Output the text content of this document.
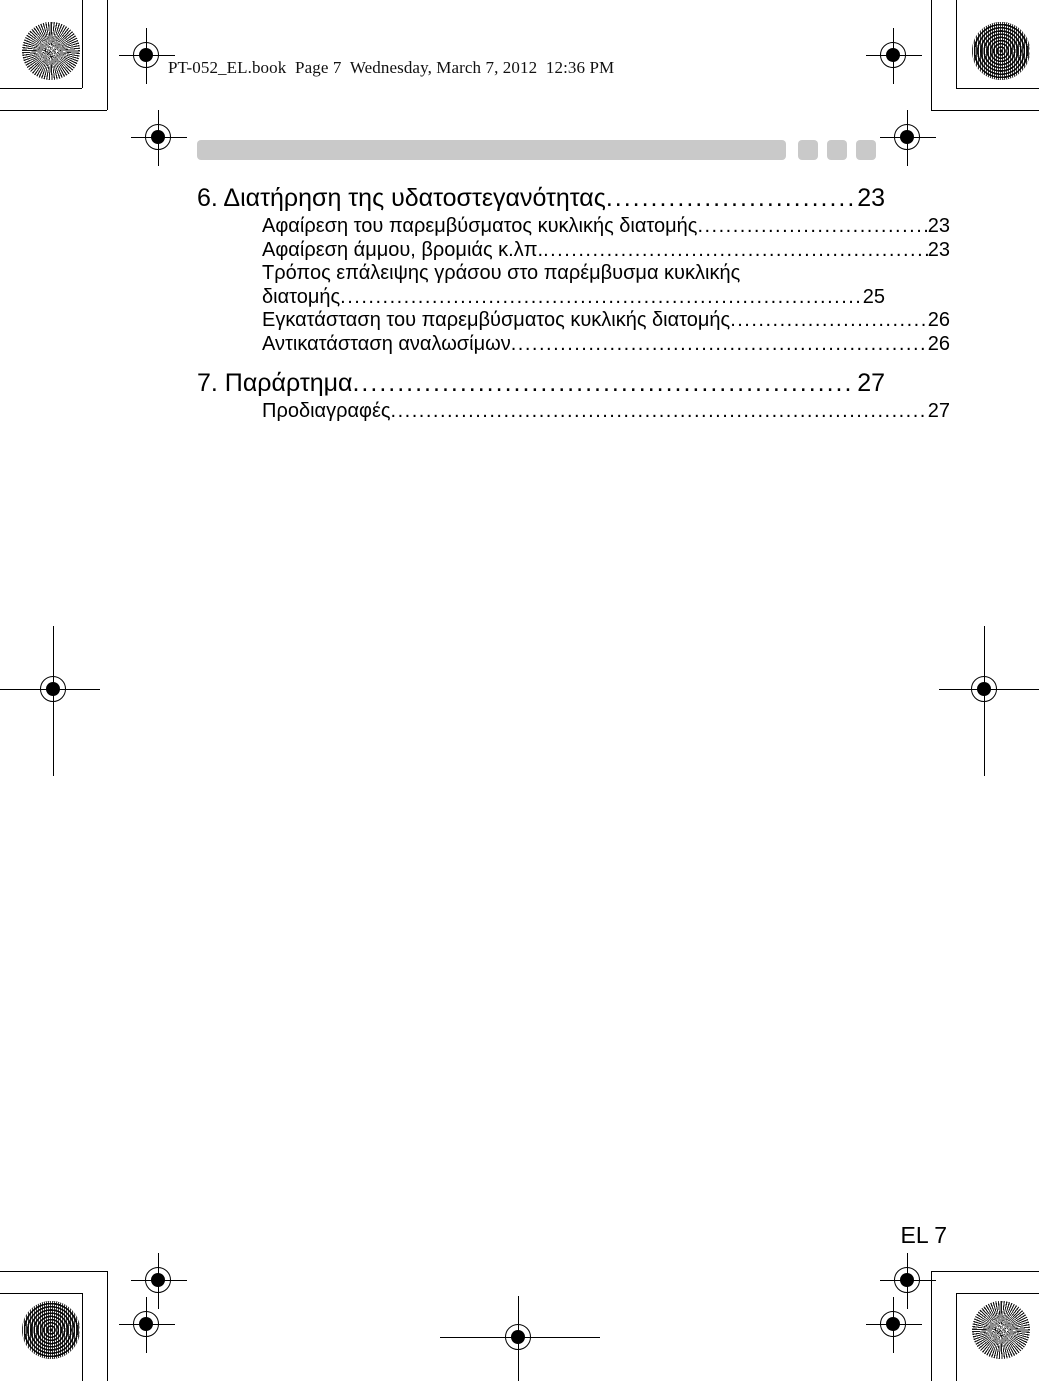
PT-052_EL.book  Page 7  Wednesday, March 7, 2012  12:36 PM
6. Διατήρηση της υδατοστεγανότητας .....	23
Αφαίρεση του παρεμβύσματος κυκλικής διατομής .....	23
Αφαίρεση άμμου, βρομιάς κ.λπ. .....	23
Τρόπος επάλειψης γράσου στο παρέμβυσμα κυκλικής
διατομής .....	25
Εγκατάσταση του παρεμβύσματος κυκλικής διατομής .....	26
Αντικατάσταση αναλωσίμων .....	26
7. Παράρτημα .....	27
Προδιαγραφές .....	27
EL 7
